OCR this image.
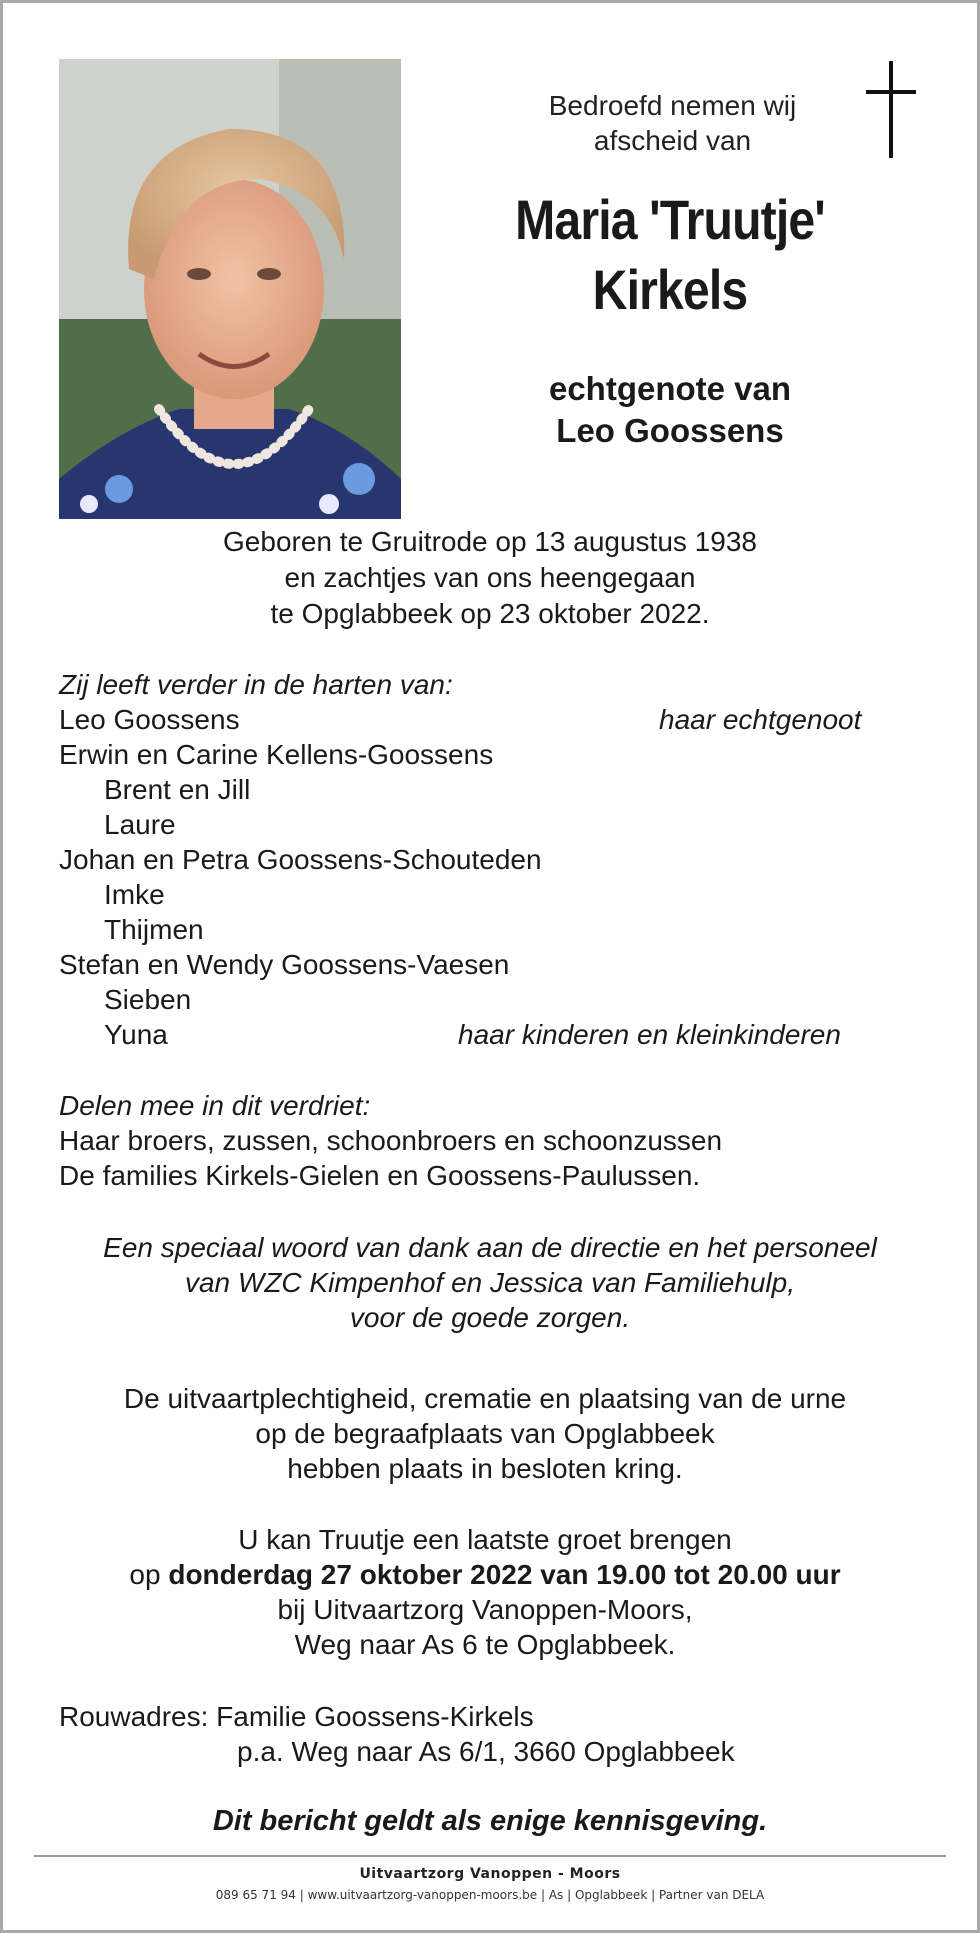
Bedroefd nemen wij
afscheid van
Maria 'Truutje'
Kirkels
echtgenote van
Leo Goossens
Geboren te Gruitrode op 13 augustus 1938
en zachtjes van ons heengegaan
te Opglabbeek op 23 oktober 2022.
Zij leeft verder in de harten van:
Leo Goossens	haar echtgenoot
Erwin en Carine Kellens-Goossens
Brent en Jill
Laure
Johan en Petra Goossens-Schouteden
Imke
Thijmen
Stefan en Wendy Goossens-Vaesen
Sieben
Yuna	haar kinderen en kleinkinderen
Delen mee in dit verdriet:
Haar broers, zussen, schoonbroers en schoonzussen
De families Kirkels-Gielen en Goossens-Paulussen.
Een speciaal woord van dank aan de directie en het personeel
van WZC Kimpenhof en Jessica van Familiehulp,
voor de goede zorgen.
De uitvaartplechtigheid, crematie en plaatsing van de urne
op de begraafplaats van Opglabbeek
hebben plaats in besloten kring.
U kan Truutje een laatste groet brengen
op donderdag 27 oktober 2022 van 19.00 tot 20.00 uur
bij Uitvaartzorg Vanoppen-Moors,
Weg naar As 6 te Opglabbeek.
Rouwadres: Familie Goossens-Kirkels
p.a. Weg naar As 6/1, 3660 Opglabbeek
Dit bericht geldt als enige kennisgeving.
Uitvaartzorg Vanoppen - Moors
089 65 71 94 | www.uitvaartzorg-vanoppen-moors.be | As | Opglabbeek | Partner van DELA
